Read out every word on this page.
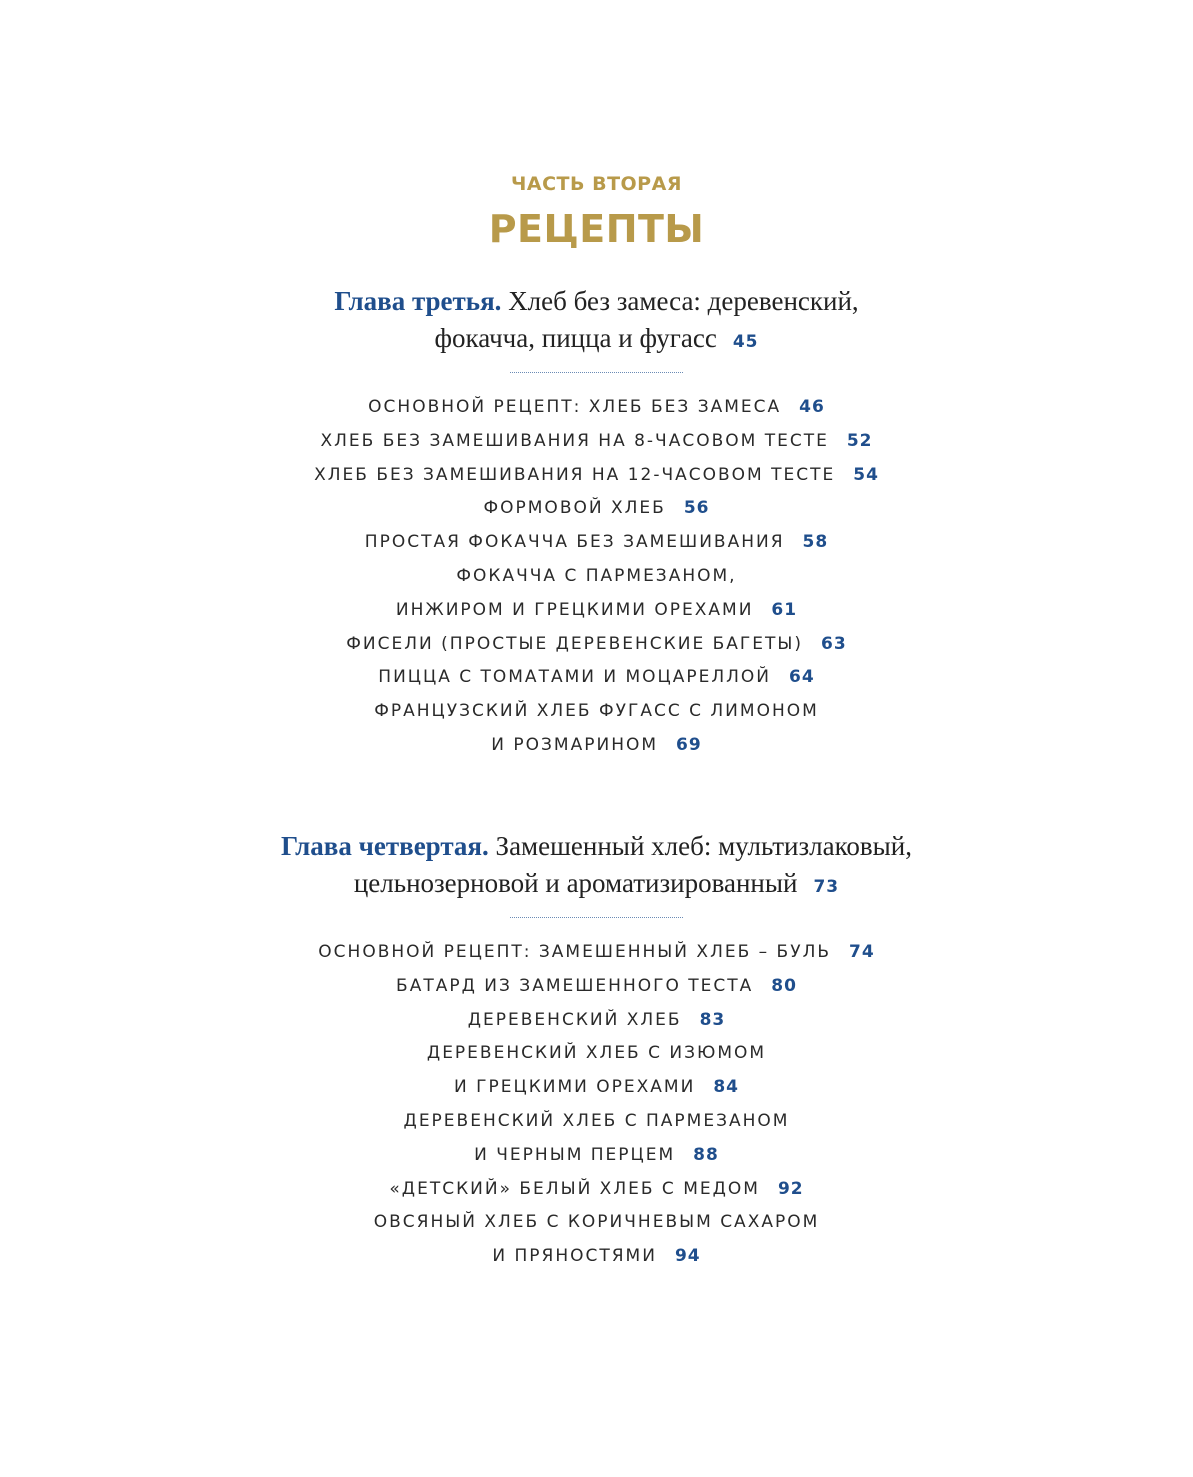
ЧАСТЬ ВТОРАЯ
РЕЦЕПТЫ
Глава третья. Хлеб без замеса: деревенский,
фокачча, пицца и фугасс 45
ОСНОВНОЙ РЕЦЕПТ: ХЛЕБ БЕЗ ЗАМЕСА 46
ХЛЕБ БЕЗ ЗАМЕШИВАНИЯ НА 8-ЧАСОВОМ ТЕСТЕ 52
ХЛЕБ БЕЗ ЗАМЕШИВАНИЯ НА 12-ЧАСОВОМ ТЕСТЕ 54
ФОРМОВОЙ ХЛЕБ 56
ПРОСТАЯ ФОКАЧЧА БЕЗ ЗАМЕШИВАНИЯ 58
ФОКАЧЧА С ПАРМЕЗАНОМ,
ИНЖИРОМ И ГРЕЦКИМИ ОРЕХАМИ 61
ФИСЕЛИ (ПРОСТЫЕ ДЕРЕВЕНСКИЕ БАГЕТЫ) 63
ПИЦЦА С ТОМАТАМИ И МОЦАРЕЛЛОЙ 64
ФРАНЦУЗСКИЙ ХЛЕБ ФУГАСС С ЛИМОНОМ
И РОЗМАРИНОМ 69
Глава четвертая. Замешенный хлеб: мультизлаковый,
цельнозерновой и ароматизированный 73
ОСНОВНОЙ РЕЦЕПТ: ЗАМЕШЕННЫЙ ХЛЕБ – БУЛЬ 74
БАТАРД ИЗ ЗАМЕШЕННОГО ТЕСТА 80
ДЕРЕВЕНСКИЙ ХЛЕБ 83
ДЕРЕВЕНСКИЙ ХЛЕБ С ИЗЮМОМ
И ГРЕЦКИМИ ОРЕХАМИ 84
ДЕРЕВЕНСКИЙ ХЛЕБ С ПАРМЕЗАНОМ
И ЧЕРНЫМ ПЕРЦЕМ 88
«ДЕТСКИЙ» БЕЛЫЙ ХЛЕБ С МЕДОМ 92
ОВСЯНЫЙ ХЛЕБ С КОРИЧНЕВЫМ САХАРОМ
И ПРЯНОСТЯМИ 94
